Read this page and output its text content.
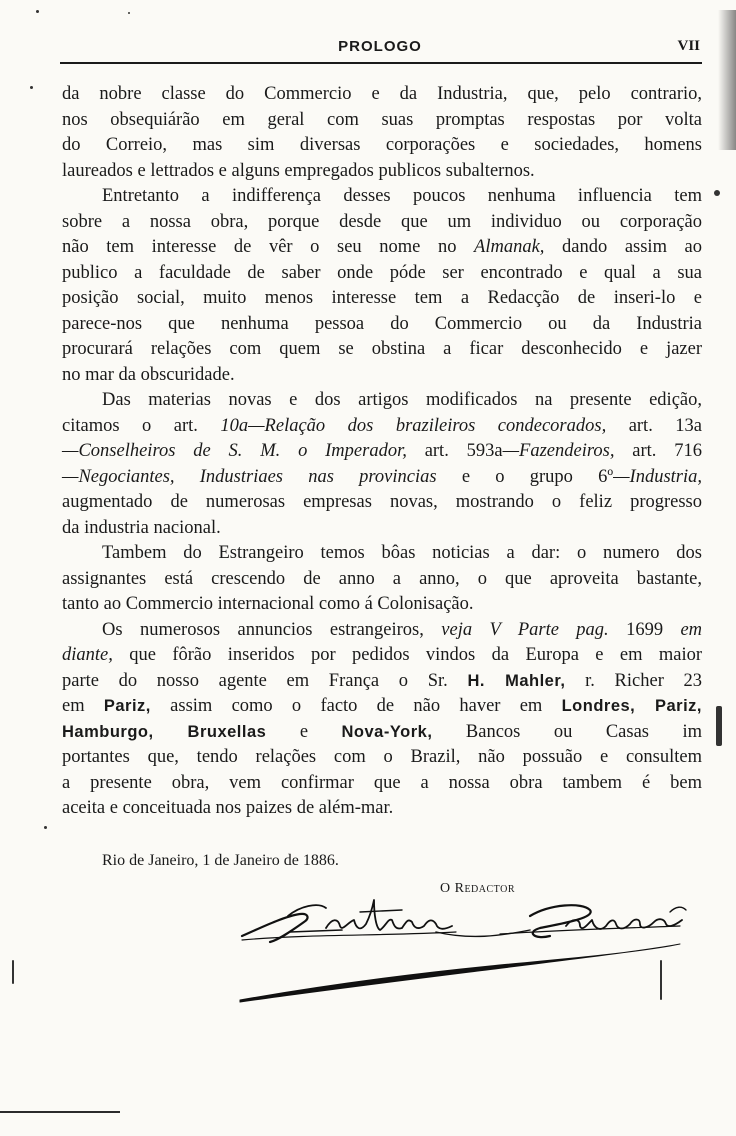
PROLOGO	VII
da nobre classe do Commercio e da Industria, que, pelo contrario,
nos obsequiárão em geral com suas promptas respostas por volta
do Correio, mas sim diversas corporações e sociedades, homens
laureados e lettrados e alguns empregados publicos subalternos.
Entretanto a indifferença desses poucos nenhuma influencia tem
sobre a nossa obra, porque desde que um individuo ou corporação
não tem interesse de vêr o seu nome no Almanak, dando assim ao
publico a faculdade de saber onde póde ser encontrado e qual a sua
posição social, muito menos interesse tem a Redacção de inseri-lo e
parece-nos que nenhuma pessoa do Commercio ou da Industria
procurará relações com quem se obstina a ficar desconhecido e jazer
no mar da obscuridade.
Das materias novas e dos artigos modificados na presente edição,
citamos o art. 10a—Relação dos brazileiros condecorados, art. 13a
—Conselheiros de S. M. o Imperador, art. 593a—Fazendeiros, art. 716
—Negociantes, Industriaes nas provincias e o grupo 6º—Industria,
augmentado de numerosas empresas novas, mostrando o feliz progresso
da industria nacional.
Tambem do Estrangeiro temos bôas noticias a dar: o numero dos
assignantes está crescendo de anno a anno, o que aproveita bastante,
tanto ao Commercio internacional como á Colonisação.
Os numerosos annuncios estrangeiros, veja V Parte pag. 1699 em
diante, que fôrão inseridos por pedidos vindos da Europa e em maior
parte do nosso agente em França o Sr. H. Mahler, r. Richer 23
em Pariz, assim como o facto de não haver em Londres, Pariz,
Hamburgo, Bruxellas e Nova-York, Bancos ou Casas im
portantes que, tendo relações com o Brazil, não possuão e consultem
a presente obra, vem confirmar que a nossa obra tambem é bem
aceita e conceituada nos paizes de além-mar.
Rio de Janeiro, 1 de Janeiro de 1886.
O Redactor
